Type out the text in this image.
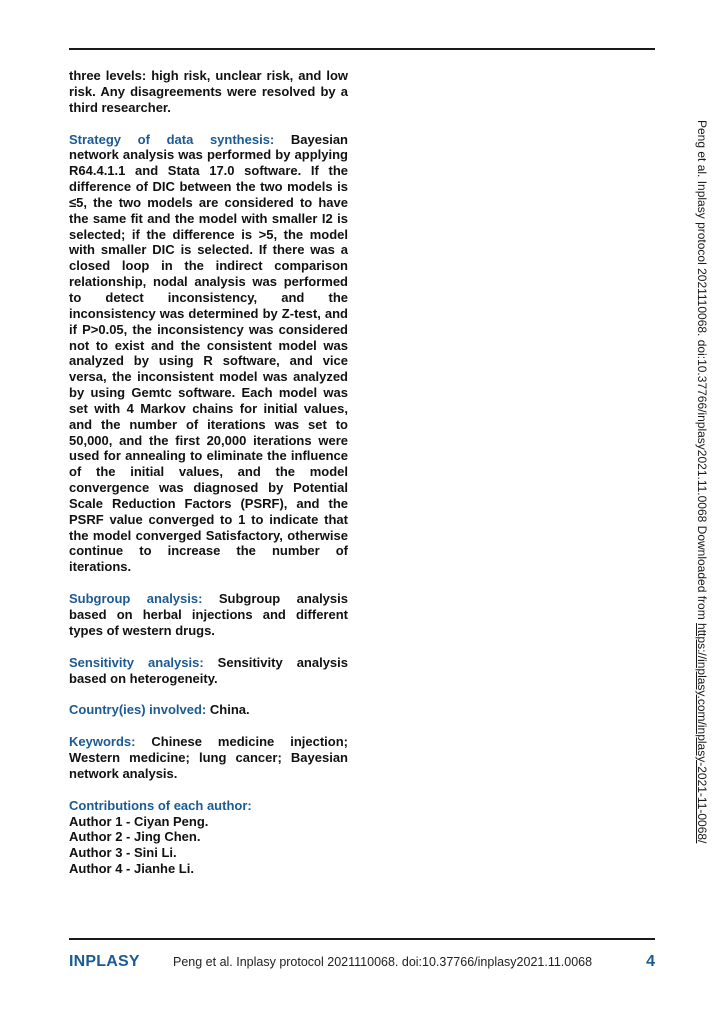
three levels: high risk, unclear risk, and low risk. Any disagreements were resolved by a third researcher.

Strategy of data synthesis: Bayesian network analysis was performed by applying R64.4.1.1 and Stata 17.0 software. If the difference of DIC between the two models is ≤5, the two models are considered to have the same fit and the model with smaller I2 is selected; if the difference is >5, the model with smaller DIC is selected. If there was a closed loop in the indirect comparison relationship, nodal analysis was performed to detect inconsistency, and the inconsistency was determined by Z-test, and if P>0.05, the inconsistency was considered not to exist and the consistent model was analyzed by using R software, and vice versa, the inconsistent model was analyzed by using Gemtc software. Each model was set with 4 Markov chains for initial values, and the number of iterations was set to 50,000, and the first 20,000 iterations were used for annealing to eliminate the influence of the initial values, and the model convergence was diagnosed by Potential Scale Reduction Factors (PSRF), and the PSRF value converged to 1 to indicate that the model converged Satisfactory, otherwise continue to increase the number of iterations.

Subgroup analysis: Subgroup analysis based on herbal injections and different types of western drugs.

Sensitivity analysis: Sensitivity analysis based on heterogeneity.

Country(ies) involved: China.

Keywords: Chinese medicine injection; Western medicine; lung cancer; Bayesian network analysis.

Contributions of each author:
Author 1 - Ciyan Peng.
Author 2 - Jing Chen.
Author 3 - Sini Li.
Author 4 - Jianhe Li.

Peng et al. Inplasy protocol 2021110068. doi:10.37766/inplasy2021.11.0068 Downloaded from https://inplasy.com/inplasy-2021-11-0068/
INPLASY	Peng et al. Inplasy protocol 2021110068. doi:10.37766/inplasy2021.11.0068	4
